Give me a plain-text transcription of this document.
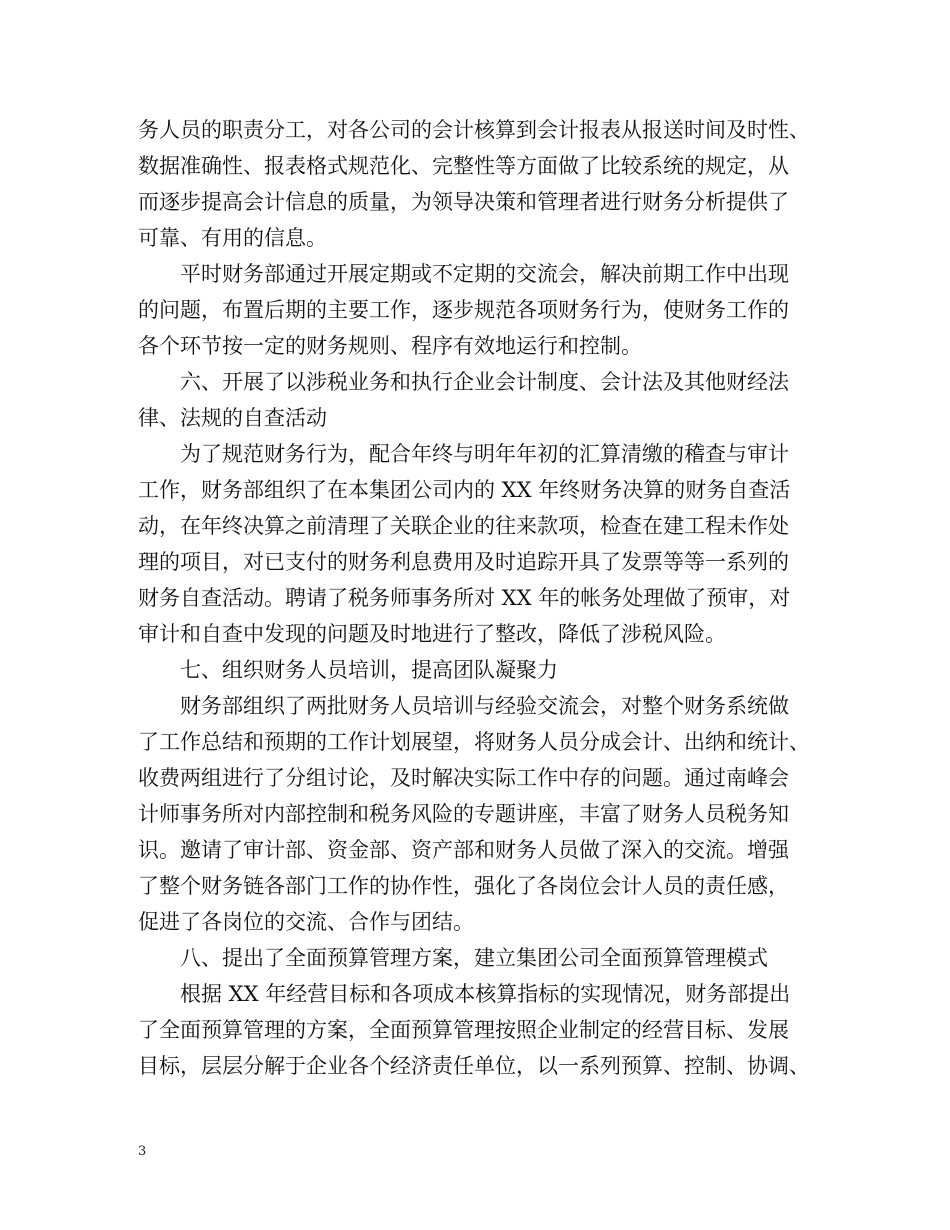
务人员的职责分工，对各公司的会计核算到会计报表从报送时间及时性、
数据准确性、报表格式规范化、完整性等方面做了比较系统的规定，从
而逐步提高会计信息的质量，为领导决策和管理者进行财务分析提供了
可靠、有用的信息。
平时财务部通过开展定期或不定期的交流会，解决前期工作中出现
的问题，布置后期的主要工作，逐步规范各项财务行为，使财务工作的
各个环节按一定的财务规则、程序有效地运行和控制。
六、开展了以涉税业务和执行企业会计制度、会计法及其他财经法
律、法规的自查活动
为了规范财务行为，配合年终与明年年初的汇算清缴的稽查与审计
工作，财务部组织了在本集团公司内的 XX 年终财务决算的财务自查活
动，在年终决算之前清理了关联企业的往来款项，检查在建工程未作处
理的项目，对已支付的财务利息费用及时追踪开具了发票等等一系列的
财务自查活动。聘请了税务师事务所对 XX 年的帐务处理做了预审，对
审计和自查中发现的问题及时地进行了整改，降低了涉税风险。
七、组织财务人员培训，提高团队凝聚力
财务部组织了两批财务人员培训与经验交流会，对整个财务系统做
了工作总结和预期的工作计划展望，将财务人员分成会计、出纳和统计、
收费两组进行了分组讨论，及时解决实际工作中存的问题。通过南峰会
计师事务所对内部控制和税务风险的专题讲座，丰富了财务人员税务知
识。邀请了审计部、资金部、资产部和财务人员做了深入的交流。增强
了整个财务链各部门工作的协作性，强化了各岗位会计人员的责任感，
促进了各岗位的交流、合作与团结。
八、提出了全面预算管理方案，建立集团公司全面预算管理模式
根据 XX 年经营目标和各项成本核算指标的实现情况，财务部提出
了全面预算管理的方案，全面预算管理按照企业制定的经营目标、发展
目标，层层分解于企业各个经济责任单位，以一系列预算、控制、协调、
3
